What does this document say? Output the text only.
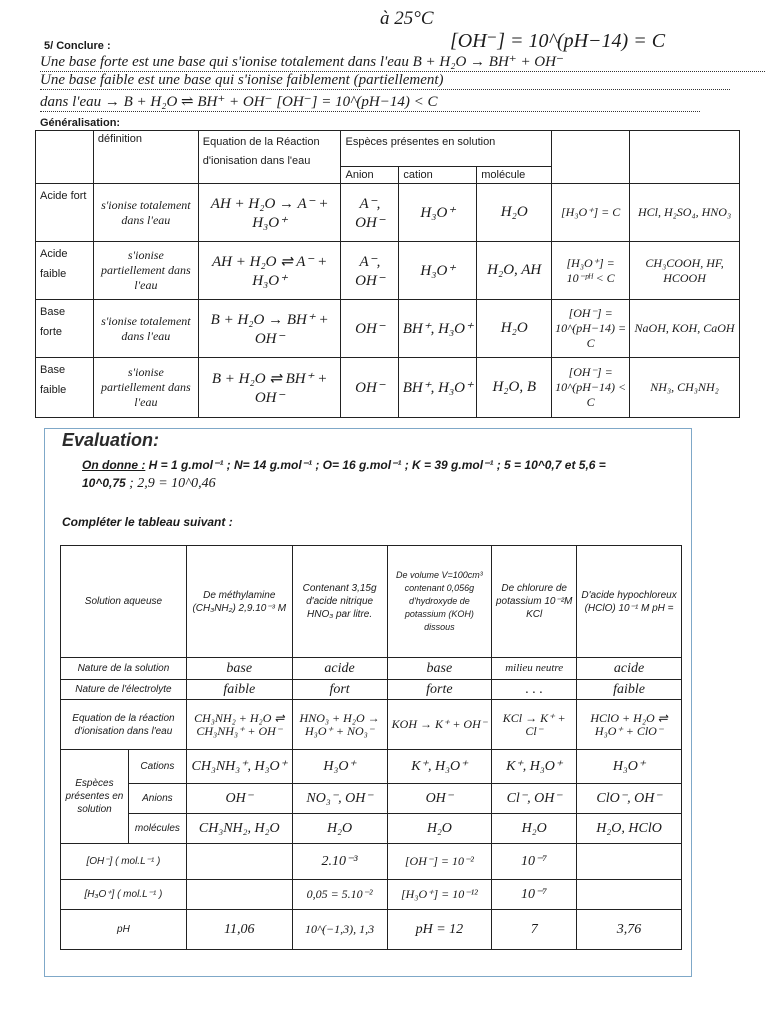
à 25°C
[OH⁻] = 10^(pH−14) = C
5/ Conclure :
Une base forte est une base qui s'ionise totalement dans l'eau B + H₂O → BH⁺ + OH⁻
Une base faible est une base qui s'ionise faiblement (partiellement)
dans l'eau → B + H₂O ⇌ BH⁺ + OH⁻ [OH⁻] = 10^(pH−14) < C
Généralisation:
	définition	Equation de la Réaction d'ionisation dans l'eau	Espèces présentes en solution				
			Anion	cation	molécule		
Acide fort	s'ionise totalement dans l'eau	AH + H₂O → A⁻ + H₃O⁺	A⁻, OH⁻	H₃O⁺	H₂O	[H₃O⁺] = C	HCl, H₂SO₄, HNO₃
Acide faible	s'ionise partiellement dans l'eau	AH + H₂O ⇌ A⁻ + H₃O⁺	A⁻, OH⁻	H₃O⁺	H₂O, AH	[H₃O⁺] = 10⁻ᵖᴴ < C	CH₃COOH, HF, HCOOH
Base forte	s'ionise totalement dans l'eau	B + H₂O → BH⁺ + OH⁻	OH⁻	BH⁺, H₃O⁺	H₂O	[OH⁻] = 10^(pH−14) = C	NaOH, KOH, CaOH
Base faible	s'ionise partiellement dans l'eau	B + H₂O ⇌ BH⁺ + OH⁻	OH⁻	BH⁺, H₃O⁺	H₂O, B	[OH⁻] = 10^(pH−14) < C	NH₃, CH₃NH₂
Evaluation:
On donne : H = 1 g.mol⁻¹ ; N= 14 g.mol⁻¹ ; O= 16 g.mol⁻¹ ; K = 39 g.mol⁻¹ ; 5 = 10^0,7 et 5,6 =
10^0,75 ; 2,9 = 10^0,46
Compléter le tableau suivant :
Solution aqueuse		De méthylamine (CH₃NH₂) 2,9.10⁻³ M	Contenant 3,15g d'acide nitrique HNO₃ par litre.	De volume V=100cm³ contenant 0,056g d'hydroxyde de potassium (KOH) dissous	De chlorure de potassium 10⁻²M KCl	D'acide hypochloreux (HClO) 10⁻¹ M pH =
Nature de la solution		base	acide	base	milieu neutre	acide
Nature de l'électrolyte		faible	fort	forte	. . .	faible
Equation de la réaction d'ionisation dans l'eau		CH₃NH₂ + H₂O ⇌ CH₃NH₃⁺ + OH⁻	HNO₃ + H₂O → H₃O⁺ + NO₃⁻	KOH → K⁺ + OH⁻	KCl → K⁺ + Cl⁻	HClO + H₂O ⇌ H₃O⁺ + ClO⁻
Espèces présentes en solution	Cations	CH₃NH₃⁺, H₃O⁺	H₃O⁺	K⁺, H₃O⁺	K⁺, H₃O⁺	H₃O⁺
	Anions	OH⁻	NO₃⁻, OH⁻	OH⁻	Cl⁻, OH⁻	ClO⁻, OH⁻
	molécules	CH₃NH₂, H₂O	H₂O	H₂O	H₂O	H₂O, HClO
[OH⁻] ( mol.L⁻¹ )			2.10⁻³	[OH⁻] = 10⁻²	10⁻⁷	
[H₃O⁺] ( mol.L⁻¹ )			0,05 = 5.10⁻²	[H₃O⁺] = 10⁻¹²	10⁻⁷	
pH		11,06	10^(−1,3), 1,3	pH = 12	7	3,76
